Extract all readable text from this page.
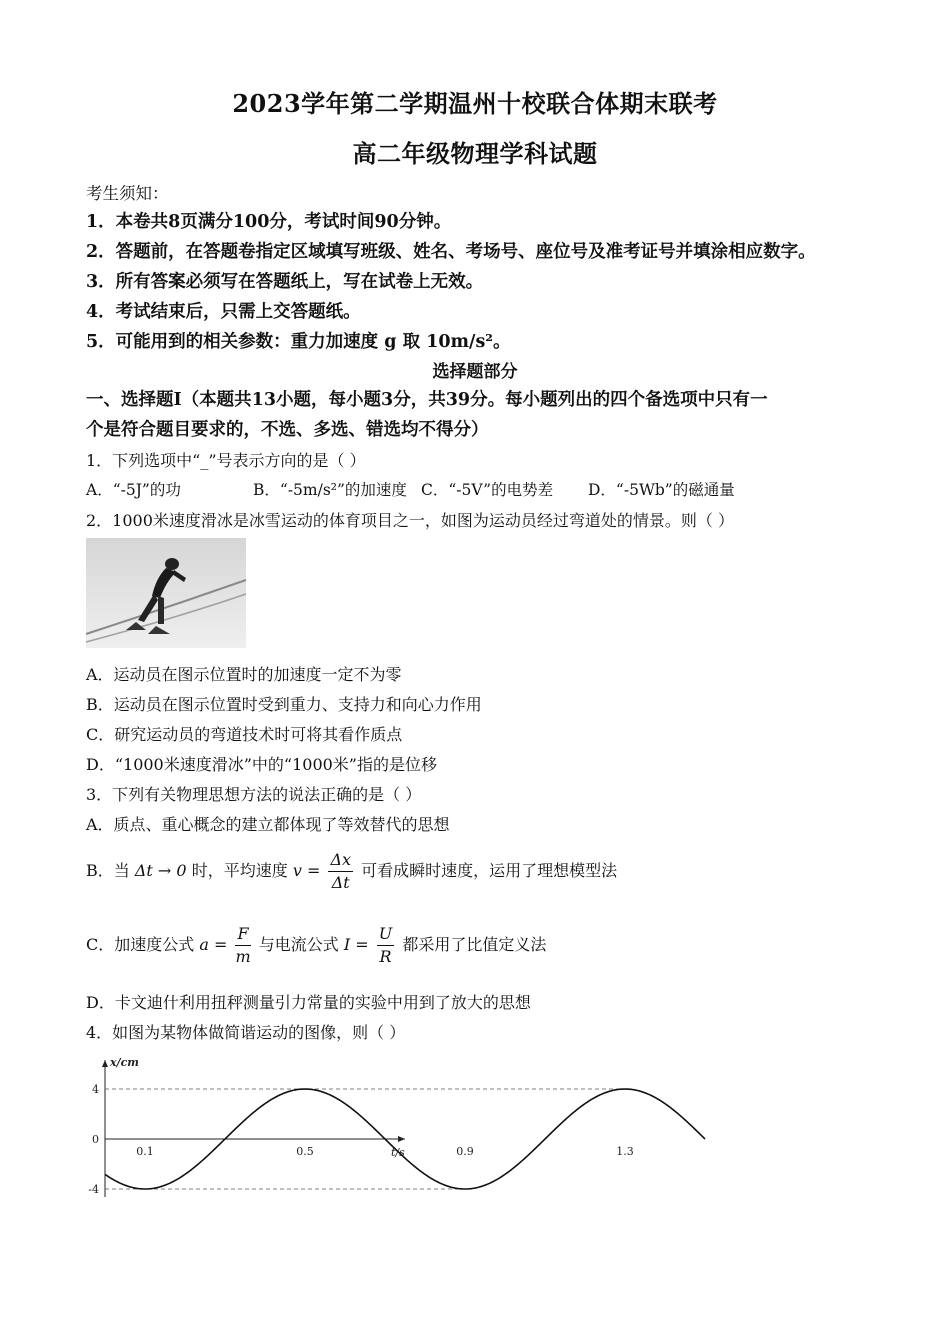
2023学年第二学期温州十校联合体期末联考
高二年级物理学科试题
考生须知：
1．本卷共8页满分100分，考试时间90分钟。
2．答题前，在答题卷指定区域填写班级、姓名、考场号、座位号及准考证号并填涂相应数字。
3．所有答案必须写在答题纸上，写在试卷上无效。
4．考试结束后，只需上交答题纸。
5．可能用到的相关参数：重力加速度 g 取 10m/s²。
选择题部分
一、选择题Ⅰ（本题共13小题，每小题3分，共39分。每小题列出的四个备选项中只有一
个是符合题目要求的，不选、多选、错选均不得分）
1．下列选项中“_”号表示方向的是（ ）
A．“-5J”的功	B．“-5m/s²”的加速度 C．“-5V”的电势差 D．“-5Wb”的磁通量
2．1000米速度滑冰是冰雪运动的体育项目之一，如图为运动员经过弯道处的情景。则（ ）
A．运动员在图示位置时的加速度一定不为零
B．运动员在图示位置时受到重力、支持力和向心力作用
C．研究运动员的弯道技术时可将其看作质点
D．“1000米速度滑冰”中的“1000米”指的是位移
3．下列有关物理思想方法的说法正确的是（ ）
A．质点、重心概念的建立都体现了等效替代的思想
B．当 Δt → 0 时，平均速度 $v = \frac{\Delta x}{\Delta t}$ 可看成瞬时速度，运用了理想模型法
C．加速度公式 $a = \frac{F}{m}$ 与电流公式 $I = \frac{U}{R}$ 都采用了比值定义法
D．卡文迪什利用扭秤测量引力常量的实验中用到了放大的思想
4．如图为某物体做简谐运动的图像，则（ ）
x/cm
t/s
4
0
-4
0.1	0.5	0.9	1.3
